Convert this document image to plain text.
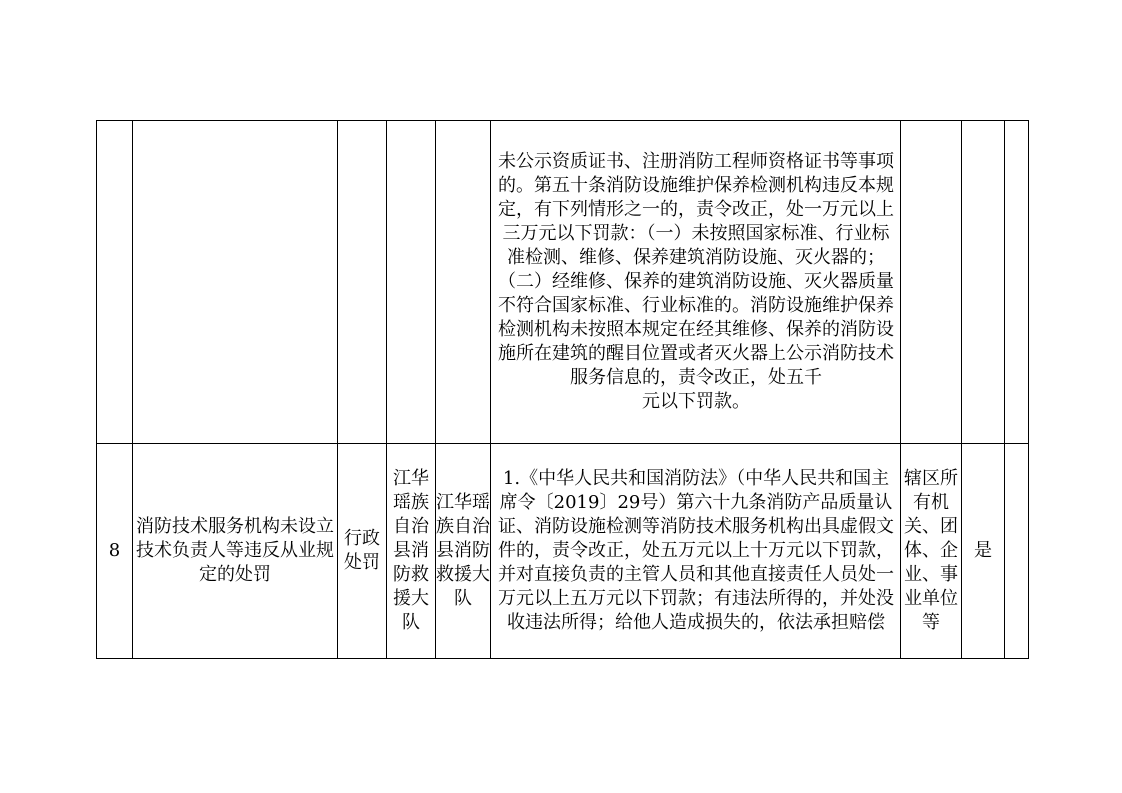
					未公示资质证书、注册消防工程师资格证书等事项的。第五十条消防设施维护保养检测机构违反本规定，有下列情形之一的，责令改正，处一万元以上三万元以下罚款：（一）未按照国家标准、行业标准检测、维修、保养建筑消防设施、灭火器的；（二）经维修、保养的建筑消防设施、灭火器质量不符合国家标准、行业标准的。消防设施维护保养检测机构未按照本规定在经其维修、保养的消防设施所在建筑的醒目位置或者灭火器上公示消防技术服务信息的，责令改正，处五千
元以下罚款。			

8	消防技术服务机构未设立技术负责人等违反从业规定的处罚	行政处罚	江华瑶族自治县消防救援大队	江华瑶族自治县消防救援大队	1.《中华人民共和国消防法》（中华人民共和国主席令〔2019〕29号）第六十九条消防产品质量认证、消防设施检测等消防技术服务机构出具虚假文件的，责令改正，处五万元以上十万元以下罚款，并对直接负责的主管人员和其他直接责任人员处一万元以上五万元以下罚款；有违法所得的，并处没收违法所得；给他人造成损失的，依法承担赔偿	辖区所有机关、团体、企业、事业单位等	是	
